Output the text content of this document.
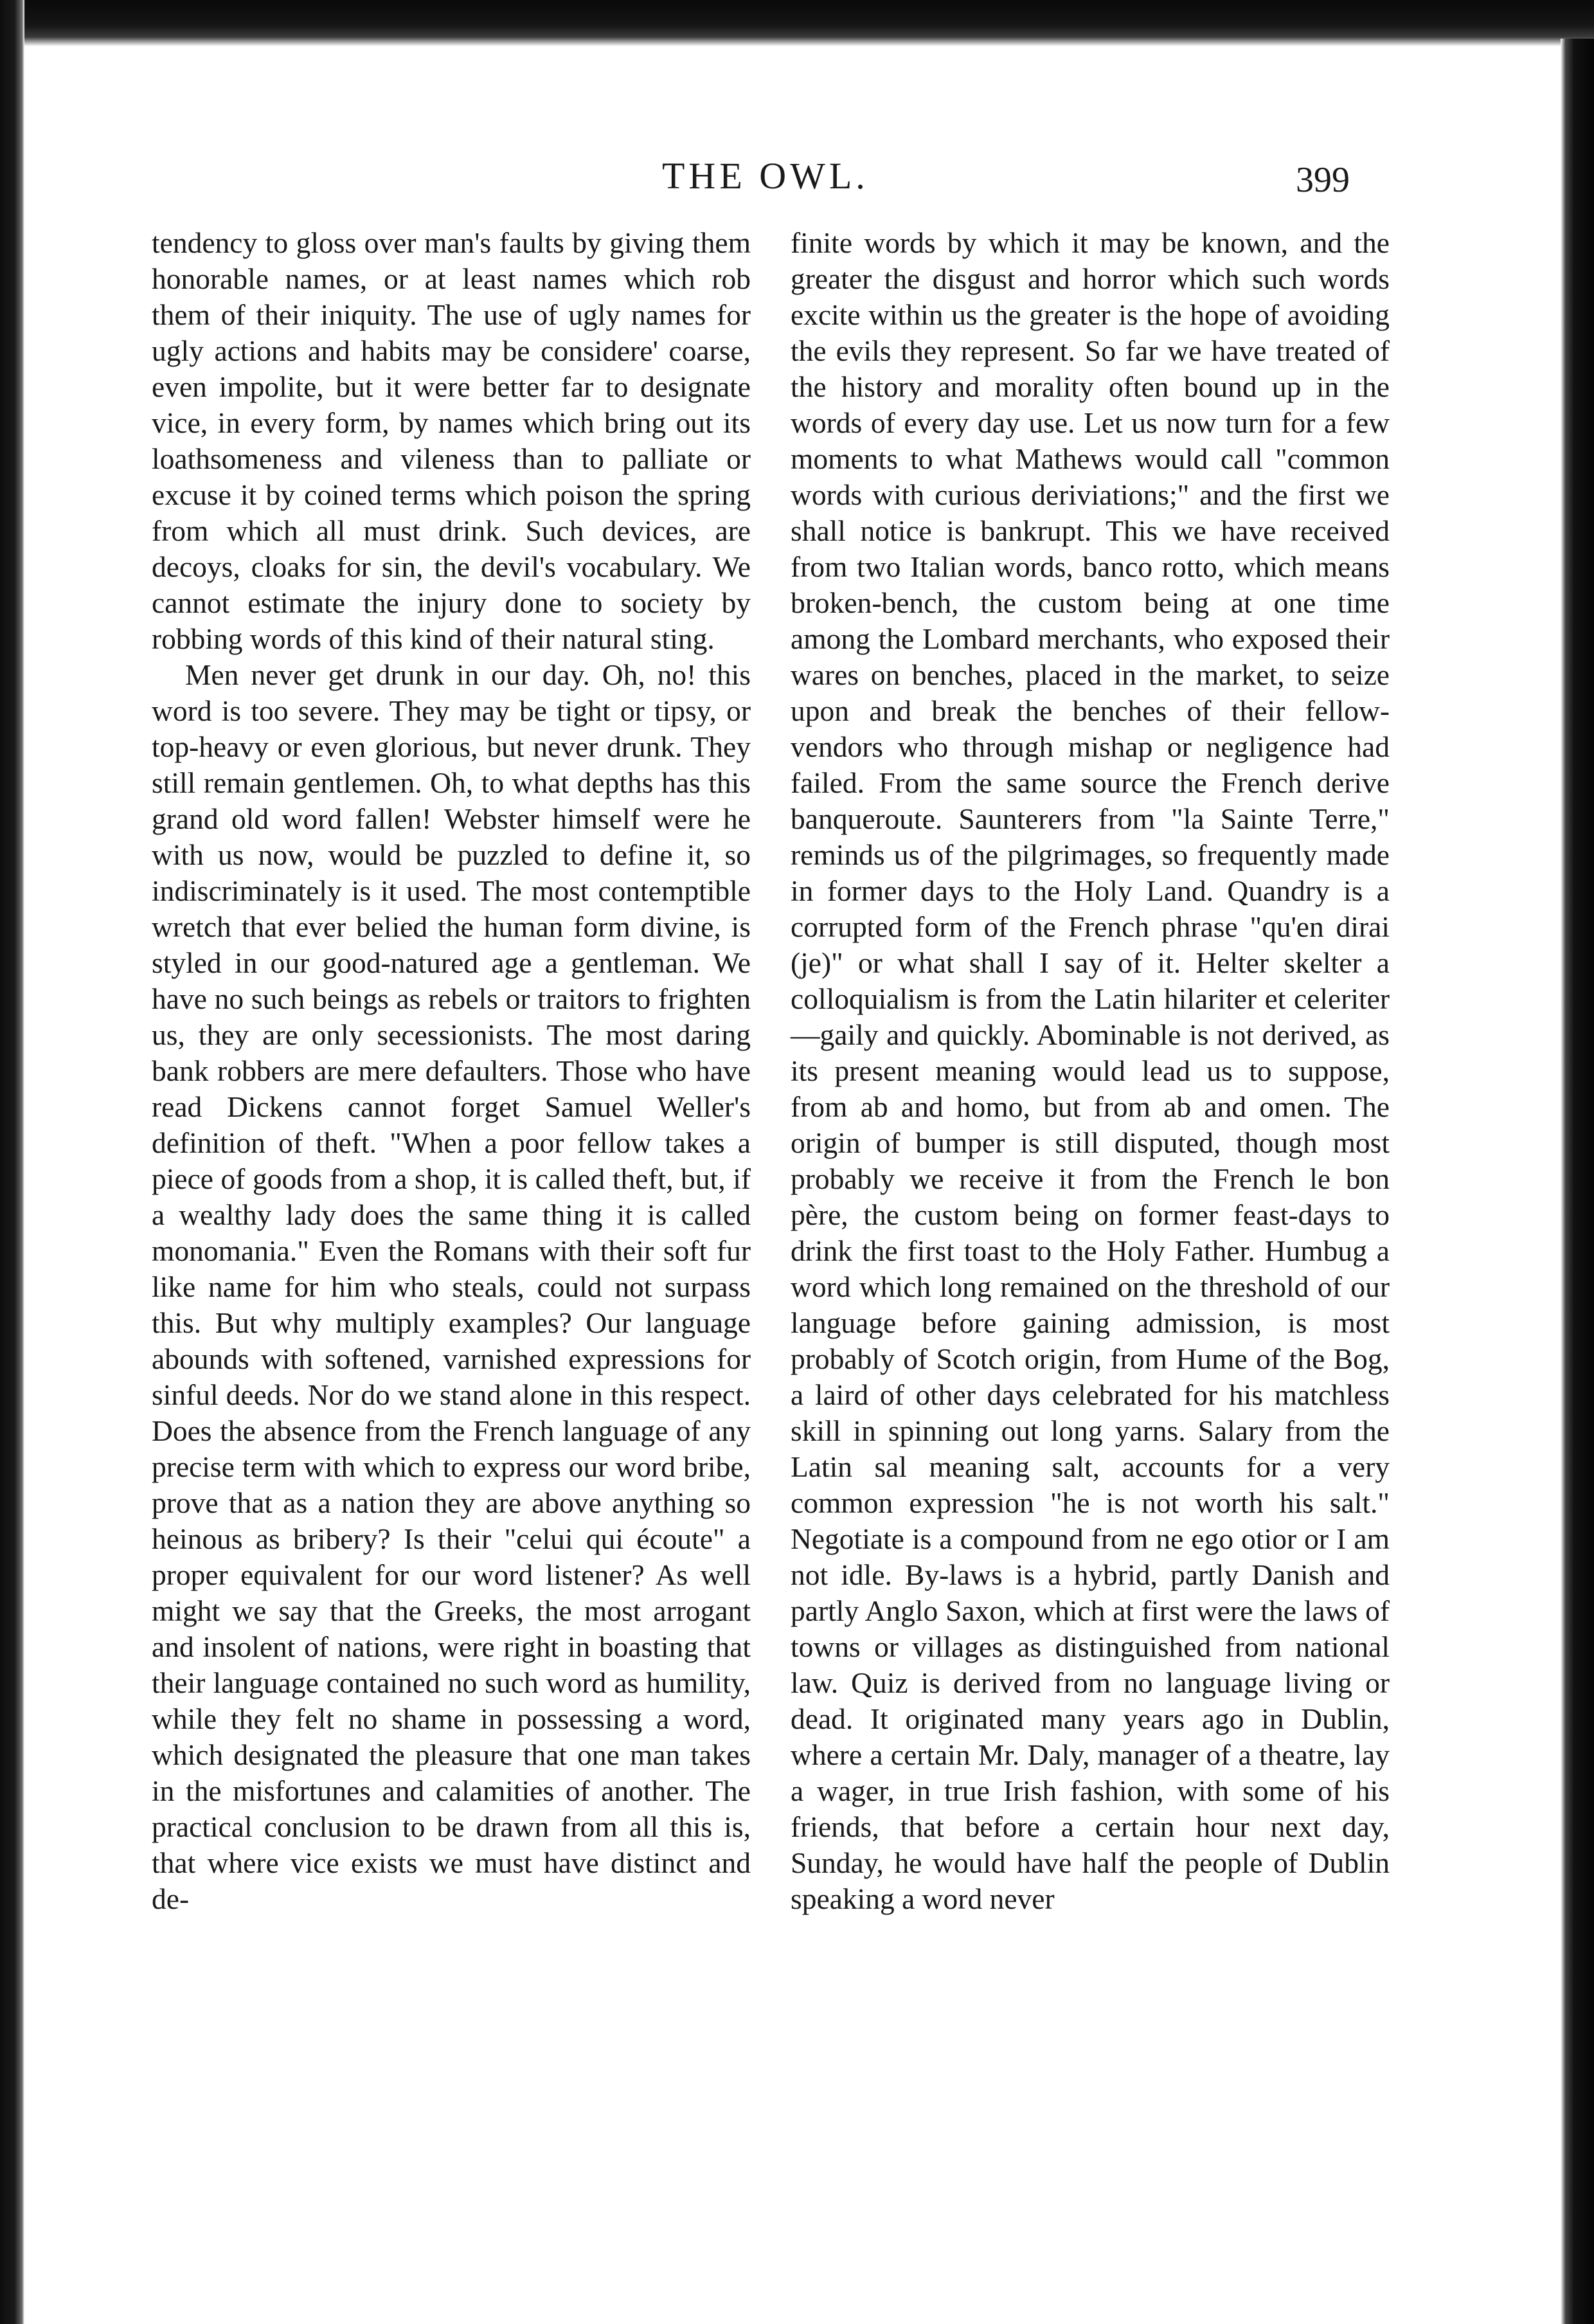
THE OWL.	399

tendency to gloss over man's faults by giving them honorable names, or at least names which rob them of their iniquity. The use of ugly names for ugly actions and habits may be considere' coarse, even impolite, but it were better far to designate vice, in every form, by names which bring out its loathsomeness and vileness than to palliate or excuse it by coined terms which poison the spring from which all must drink. Such devices, are decoys, cloaks for sin, the devil's vocabulary. We cannot estimate the injury done to society by robbing words of this kind of their natural sting.

Men never get drunk in our day. Oh, no! this word is too severe. They may be tight or tipsy, or top-heavy or even glorious, but never drunk. They still remain gentlemen. Oh, to what depths has this grand old word fallen! Webster himself were he with us now, would be puzzled to define it, so indiscriminately is it used. The most contemptible wretch that ever belied the human form divine, is styled in our good-natured age a gentleman. We have no such beings as rebels or traitors to frighten us, they are only secessionists. The most daring bank robbers are mere defaulters. Those who have read Dickens cannot forget Samuel Weller's definition of theft. "When a poor fellow takes a piece of goods from a shop, it is called theft, but, if a wealthy lady does the same thing it is called monomania." Even the Romans with their soft fur like name for him who steals, could not surpass this. But why multiply examples? Our language abounds with softened, varnished expressions for sinful deeds. Nor do we stand alone in this respect. Does the absence from the French language of any precise term with which to express our word bribe, prove that as a nation they are above anything so heinous as bribery? Is their "celui qui écoute" a proper equivalent for our word listener? As well might we say that the Greeks, the most arrogant and insolent of nations, were right in boasting that their language contained no such word as humility, while they felt no shame in possessing a word, which designated the pleasure that one man takes in the misfortunes and calamities of another. The practical conclusion to be drawn from all this is, that where vice exists we must have distinct and de-

finite words by which it may be known, and the greater the disgust and horror which such words excite within us the greater is the hope of avoiding the evils they represent. So far we have treated of the history and morality often bound up in the words of every day use. Let us now turn for a few moments to what Mathews would call "common words with curious deriviations;" and the first we shall notice is bankrupt. This we have received from two Italian words, banco rotto, which means broken-bench, the custom being at one time among the Lombard merchants, who exposed their wares on benches, placed in the market, to seize upon and break the benches of their fellow-vendors who through mishap or negligence had failed. From the same source the French derive banqueroute. Saunterers from "la Sainte Terre," reminds us of the pilgrimages, so frequently made in former days to the Holy Land. Quandry is a corrupted form of the French phrase "qu'en dirai (je)" or what shall I say of it. Helter skelter a colloquialism is from the Latin hilariter et celeriter—gaily and quickly. Abominable is not derived, as its present meaning would lead us to suppose, from ab and homo, but from ab and omen. The origin of bumper is still disputed, though most probably we receive it from the French le bon père, the custom being on former feast-days to drink the first toast to the Holy Father. Humbug a word which long remained on the threshold of our language before gaining admission, is most probably of Scotch origin, from Hume of the Bog, a laird of other days celebrated for his matchless skill in spinning out long yarns. Salary from the Latin sal meaning salt, accounts for a very common expression "he is not worth his salt." Negotiate is a compound from ne ego otior or I am not idle. By-laws is a hybrid, partly Danish and partly Anglo Saxon, which at first were the laws of towns or villages as distinguished from national law. Quiz is derived from no language living or dead. It originated many years ago in Dublin, where a certain Mr. Daly, manager of a theatre, lay a wager, in true Irish fashion, with some of his friends, that before a certain hour next day, Sunday, he would have half the people of Dublin speaking a word never
